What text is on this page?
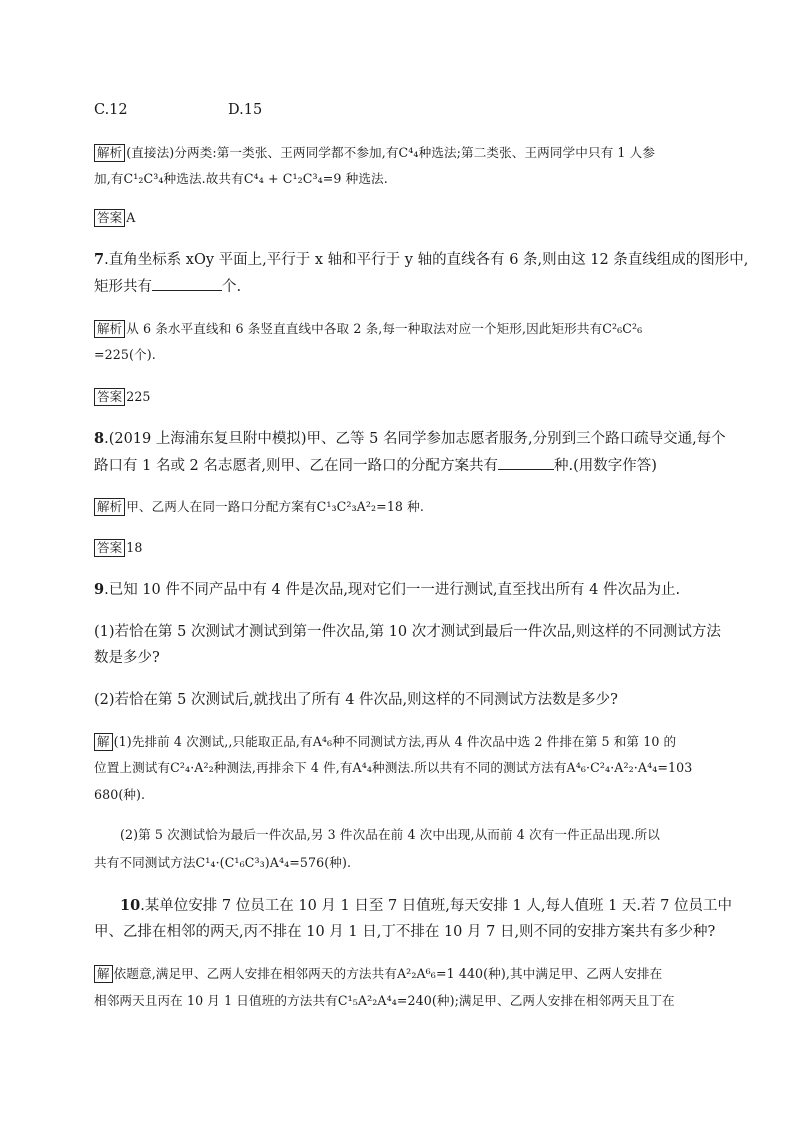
C.12	D.15
解析 (直接法)分两类:第一类张、王两同学都不参加,有C⁴₄种选法;第二类张、王两同学中只有 1 人参
加,有C¹₂C³₄种选法.故共有C⁴₄ + C¹₂C³₄=9 种选法.
答案 A
7.直角坐标系 xOy 平面上,平行于 x 轴和平行于 y 轴的直线各有 6 条,则由这 12 条直线组成的图形中,
矩形共有	个.
解析 从 6 条水平直线和 6 条竖直直线中各取 2 条,每一种取法对应一个矩形,因此矩形共有C²₆C²₆
=225(个).
答案 225
8.(2019 上海浦东复旦附中模拟)甲、乙等 5 名同学参加志愿者服务,分别到三个路口疏导交通,每个
路口有 1 名或 2 名志愿者,则甲、乙在同一路口的分配方案共有	种.(用数字作答)
解析 甲、乙两人在同一路口分配方案有C¹₃C²₃A²₂=18 种.
答案 18
9.已知 10 件不同产品中有 4 件是次品,现对它们一一进行测试,直至找出所有 4 件次品为止.
(1)若恰在第 5 次测试才测试到第一件次品,第 10 次才测试到最后一件次品,则这样的不同测试方法
数是多少?
(2)若恰在第 5 次测试后,就找出了所有 4 件次品,则这样的不同测试方法数是多少?
解 (1)先排前 4 次测试,,只能取正品,有A⁴₆种不同测试方法,再从 4 件次品中选 2 件排在第 5 和第 10 的
位置上测试有C²₄·A²₂种测法,再排余下 4 件,有A⁴₄种测法.所以共有不同的测试方法有A⁴₆·C²₄·A²₂·A⁴₄=103
680(种).
(2)第 5 次测试恰为最后一件次品,另 3 件次品在前 4 次中出现,从而前 4 次有一件正品出现.所以
共有不同测试方法C¹₄·(C¹₆C³₃)A⁴₄=576(种).
10.某单位安排 7 位员工在 10 月 1 日至 7 日值班,每天安排 1 人,每人值班 1 天.若 7 位员工中
甲、乙排在相邻的两天,丙不排在 10 月 1 日,丁不排在 10 月 7 日,则不同的安排方案共有多少种?
解 依题意,满足甲、乙两人安排在相邻两天的方法共有A²₂A⁶₆=1 440(种),其中满足甲、乙两人安排在
相邻两天且丙在 10 月 1 日值班的方法共有C¹₅A²₂A⁴₄=240(种);满足甲、乙两人安排在相邻两天且丁在
